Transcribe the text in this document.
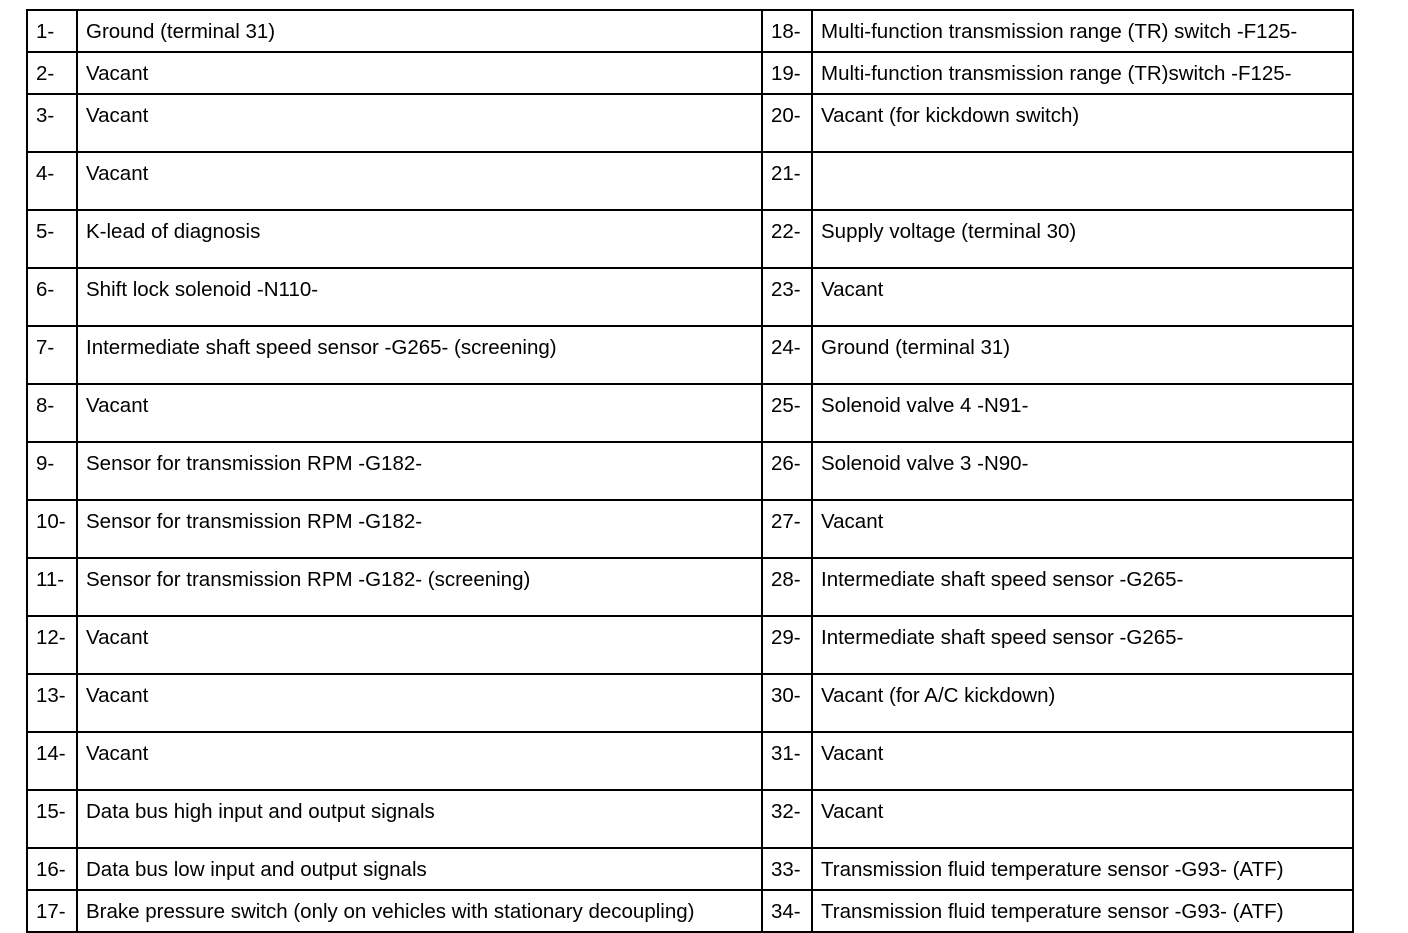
1-	Ground (terminal 31)	18-	Multi-function transmission range (TR) switch -F125-
2-	Vacant	19-	Multi-function transmission range (TR)switch -F125-
3-	Vacant	20-	Vacant (for kickdown switch)
4-	Vacant	21-	
5-	K-lead of diagnosis	22-	Supply voltage (terminal 30)
6-	Shift lock solenoid -N110-	23-	Vacant
7-	Intermediate shaft speed sensor -G265- (screening)	24-	Ground (terminal 31)
8-	Vacant	25-	Solenoid valve 4 -N91-
9-	Sensor for transmission RPM -G182-	26-	Solenoid valve 3 -N90-
10-	Sensor for transmission RPM -G182-	27-	Vacant
11-	Sensor for transmission RPM -G182- (screening)	28-	Intermediate shaft speed sensor -G265-
12-	Vacant	29-	Intermediate shaft speed sensor -G265-
13-	Vacant	30-	Vacant (for A/C kickdown)
14-	Vacant	31-	Vacant
15-	Data bus high input and output signals	32-	Vacant
16-	Data bus low input and output signals	33-	Transmission fluid temperature sensor -G93- (ATF)
17-	Brake pressure switch (only on vehicles with stationary decoupling)	34-	Transmission fluid temperature sensor -G93- (ATF)
